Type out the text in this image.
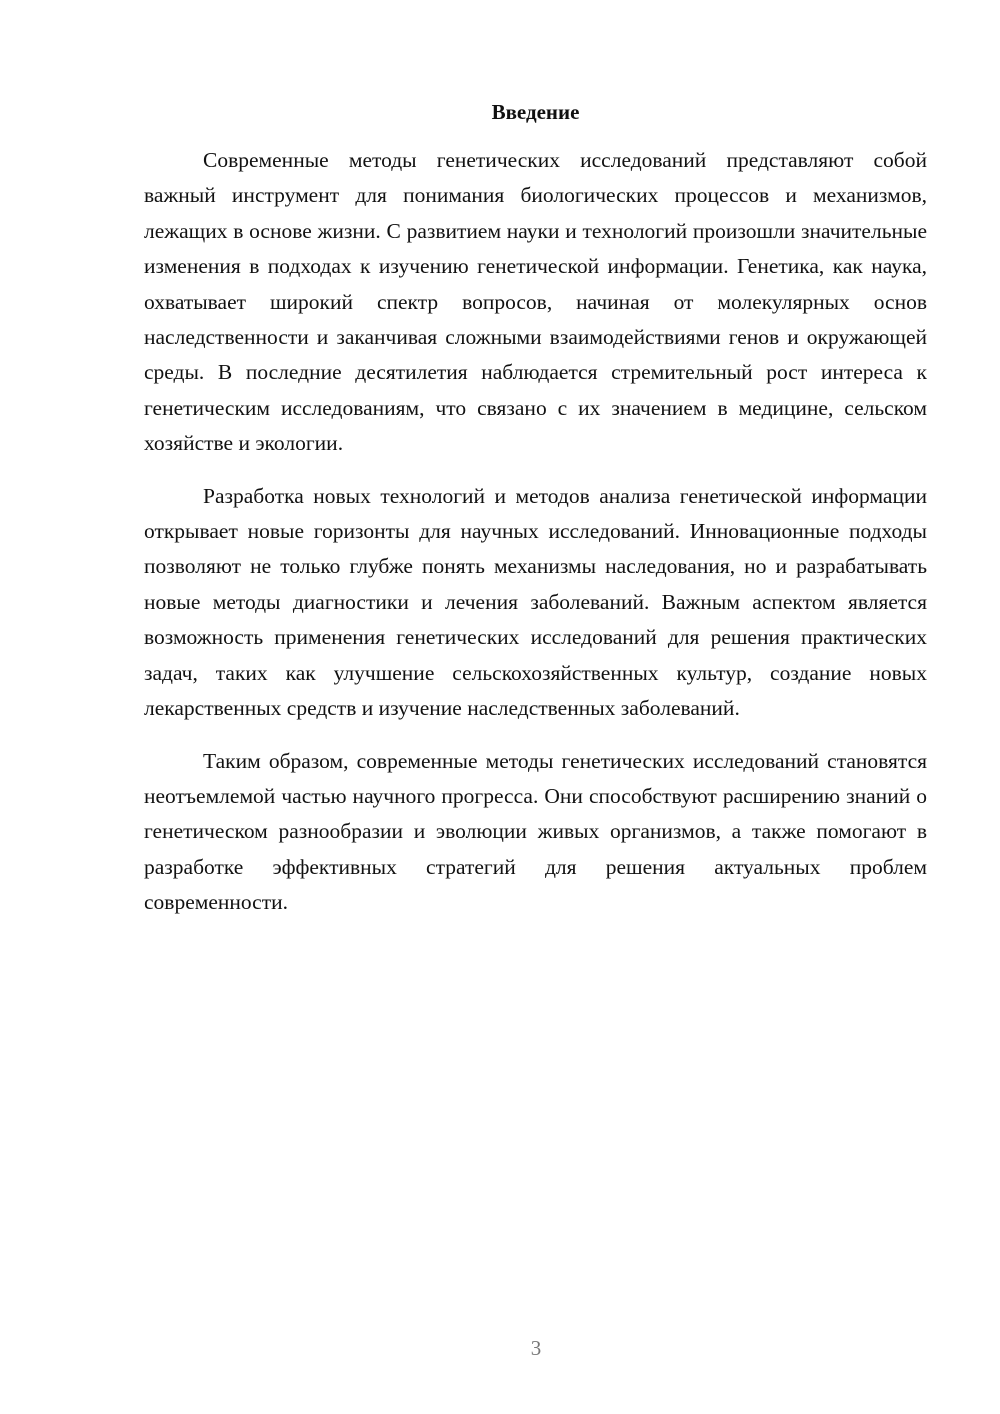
Введение

Современные методы генетических исследований представляют собой важный инструмент для понимания биологических процессов и механизмов, лежащих в основе жизни. С развитием науки и технологий произошли значительные изменения в подходах к изучению генетической информации. Генетика, как наука, охватывает широкий спектр вопросов, начиная от молекулярных основ наследственности и заканчивая сложными взаимодействиями генов и окружающей среды. В последние десятилетия наблюдается стремительный рост интереса к генетическим исследованиям, что связано с их значением в медицине, сельском хозяйстве и экологии.

Разработка новых технологий и методов анализа генетической информации открывает новые горизонты для научных исследований. Инновационные подходы позволяют не только глубже понять механизмы наследования, но и разрабатывать новые методы диагностики и лечения заболеваний. Важным аспектом является возможность применения генетических исследований для решения практических задач, таких как улучшение сельскохозяйственных культур, создание новых лекарственных средств и изучение наследственных заболеваний.

Таким образом, современные методы генетических исследований становятся неотъемлемой частью научного прогресса. Они способствуют расширению знаний о генетическом разнообразии и эволюции живых организмов, а также помогают в разработке эффективных стратегий для решения актуальных проблем современности.

3
